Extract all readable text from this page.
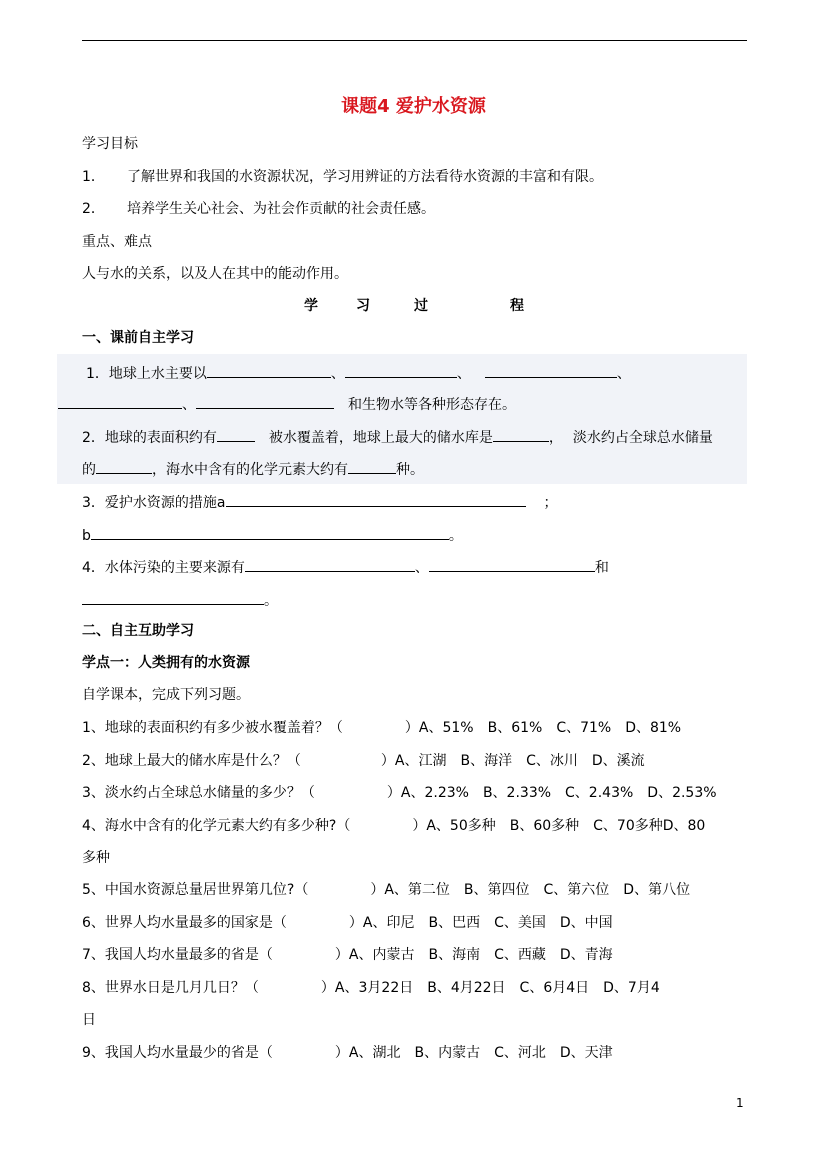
课题4 爱护水资源
学习目标
1． 了解世界和我国的水资源状况，学习用辨证的方法看待水资源的丰富和有限。
2． 培养学生关心社会、为社会作贡献的社会责任感。
重点、难点
人与水的关系，以及人在其中的能动作用。
学	习	过	程
一、课前自主学习
1．地球上水主要以	、	、	、
、	和生物水等各种形态存在。
2．地球的表面积约有	被水覆盖着，地球上最大的储水库是	， 淡水约占全球总水储量
的	，海水中含有的化学元素大约有	种。
3．爱护水资源的措施a	；
b	。
4．水体污染的主要来源有	、	和
。
二、自主互助学习
学点一：人类拥有的水资源
自学课本，完成下列习题。
1、地球的表面积约有多少被水覆盖着？（	）A、51%　B、61%　C、71%　D、81%
2、地球上最大的储水库是什么？（	）A、江湖　B、海洋　C、冰川　D、溪流
3、淡水约占全球总水储量的多少？（	）A、2.23%　B、2.33%　C、2.43%　D、2.53%
4、海水中含有的化学元素大约有多少种?（	）A、50多种　B、60多种　C、70多种D、80
多种
5、中国水资源总量居世界第几位?（	）A、第二位　B、第四位　C、第六位　D、第八位
6、世界人均水量最多的国家是（	）A、印尼　B、巴西　C、美国　D、中国
7、我国人均水量最多的省是（	）A、内蒙古　B、海南　C、西藏　D、青海
8、世界水日是几月几日？（	）A、3月22日　B、4月22日　C、6月4日　D、7月4
日
9、我国人均水量最少的省是（	）A、湖北　B、内蒙古　C、河北　D、天津
1
